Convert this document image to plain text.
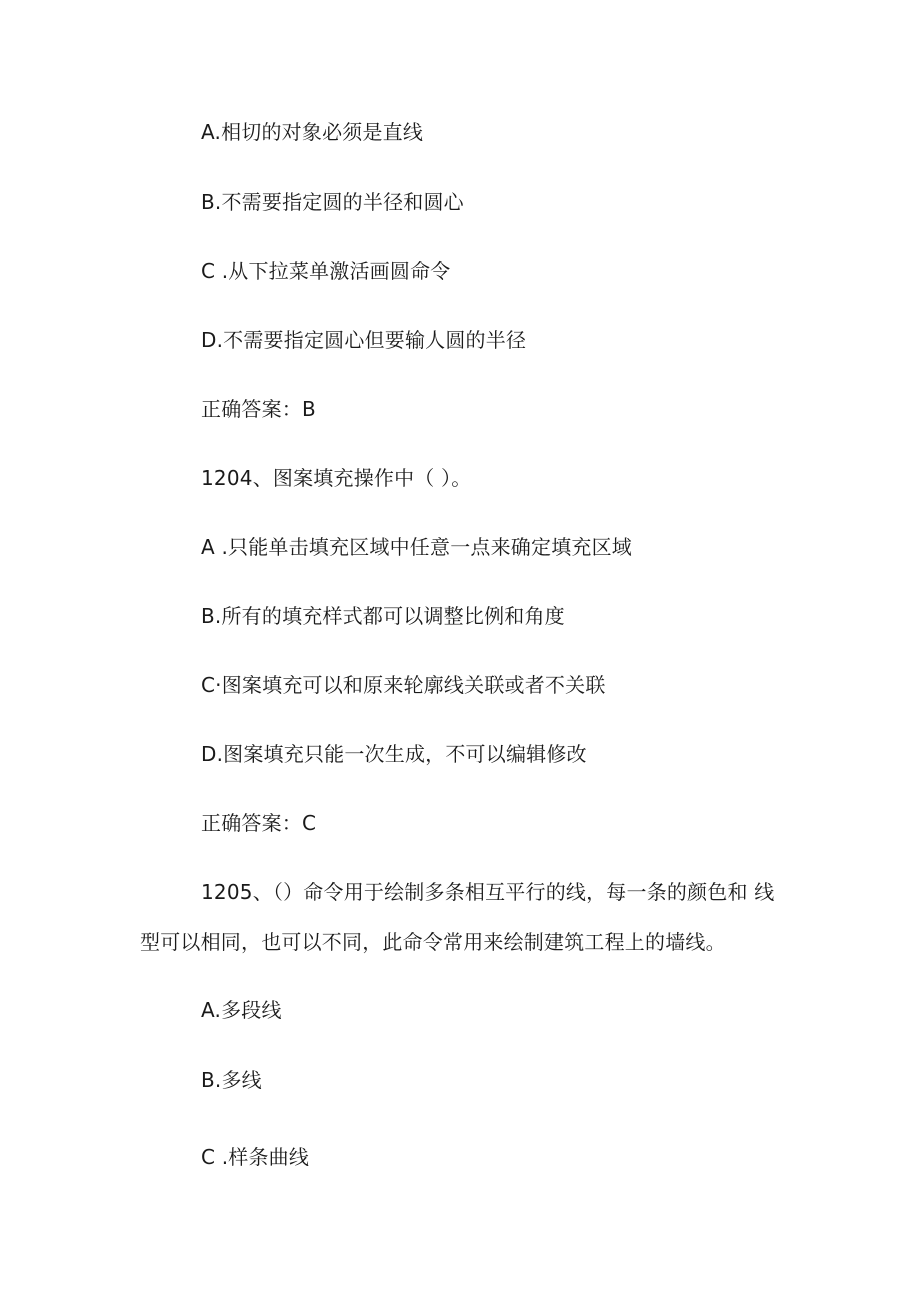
A.相切的对象必须是直线
B.不需要指定圆的半径和圆心
C .从下拉菜单激活画圆命令
D.不需要指定圆心但要输人圆的半径
正确答案：B
1204、图案填充操作中（ ）。
A .只能单击填充区域中任意一点来确定填充区域
B.所有的填充样式都可以调整比例和角度
C·图案填充可以和原来轮廓线关联或者不关联
D.图案填充只能一次生成，不可以编辑修改
正确答案：C
1205、（）命令用于绘制多条相互平行的线，每一条的颜色和 线
型可以相同，也可以不同，此命令常用来绘制建筑工程上的墙线。
A.多段线
B.多线
C .样条曲线
